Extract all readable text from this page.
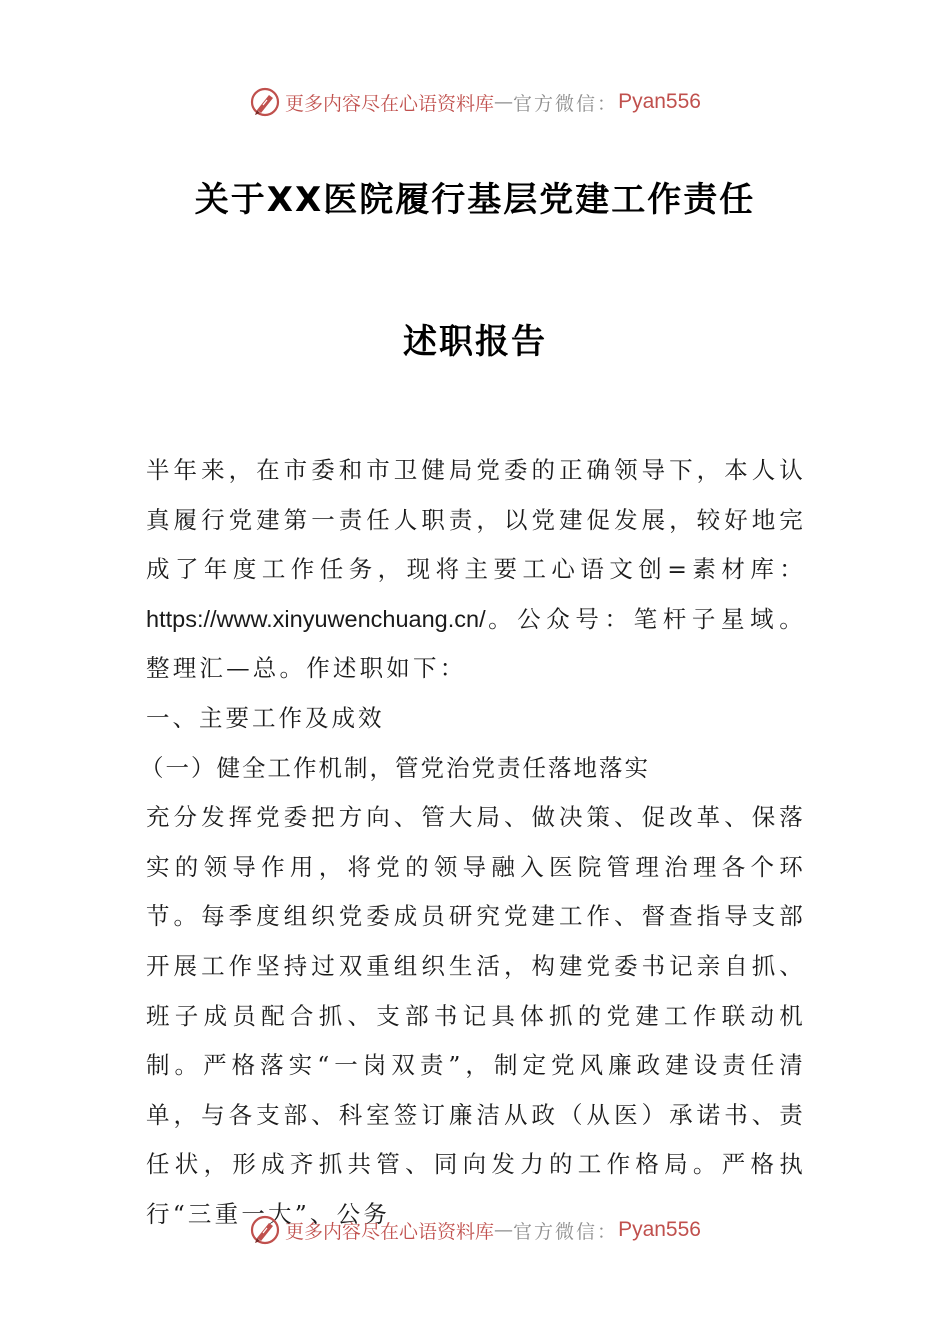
更多内容尽在心语资料库 — 官方微信： Pyan556
关于XX医院履行基层党建工作责任
述职报告

半年来，在市委和市卫健局党委的正确领导下，本人认真履行党建第一责任人职责，以党建促发展，较好地完成了年度工作任务，现将主要工心语文创=素材库：https://www.xinyuwenchuang.cn/。公众号：笔杆子星域。整理汇—总。作述职如下：

一、主要工作及成效

（一）健全工作机制，管党治党责任落地落实

充分发挥党委把方向、管大局、做决策、促改革、保落实的领导作用，将党的领导融入医院管理治理各个环节。每季度组织党委成员研究党建工作、督查指导支部开展工作坚持过双重组织生活，构建党委书记亲自抓、班子成员配合抓、支部书记具体抓的党建工作联动机制。严格落实“一岗双责”，制定党风廉政建设责任清单，与各支部、科室签订廉洁从政（从医）承诺书、责任状，形成齐抓共管、同向发力的工作格局。严格执行“三重一大”、公务

更多内容尽在心语资料库 — 官方微信： Pyan556
